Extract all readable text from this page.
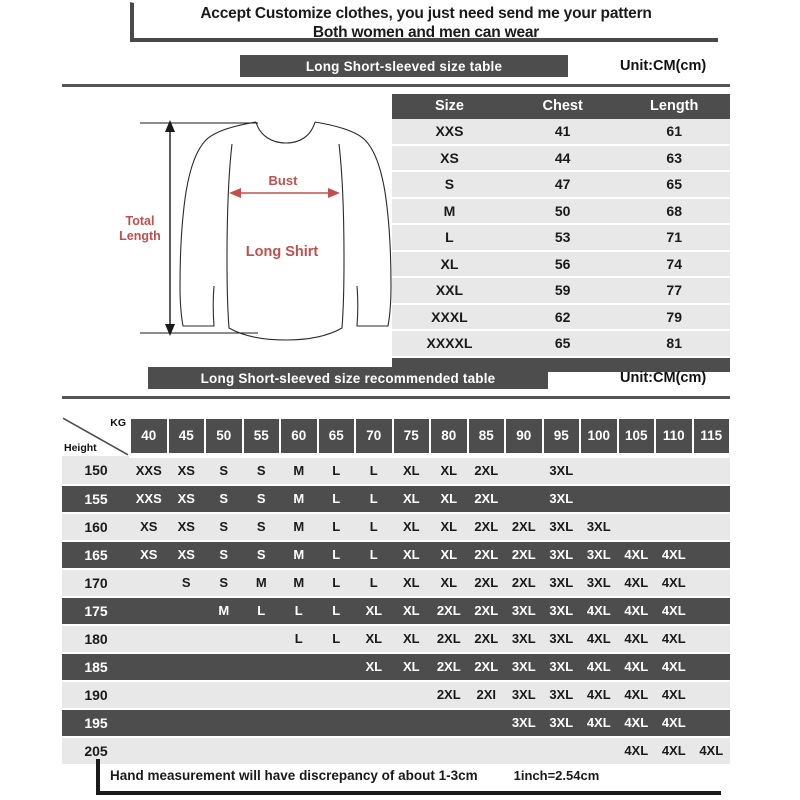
Accept Customize clothes, you just need send me your pattern
Both women and men can wear
Long Short-sleeved size table	Unit:CM(cm)
Total
Length
Bust
Long Shirt
Size	Chest	Length
XXS	41	61
XS	44	63
S	47	65
M	50	68
L	53	71
XL	56	74
XXL	59	77
XXXL	62	79
XXXXL	65	81

Long Short-sleeved size recommended table	Unit:CM(cm)
KG
Height	40	45	50	55	60	65	70	75	80	85	90	95	100	105	110	115
150	XXS	XS	S	S	M	L	L	XL	XL	2XL		3XL				
155	XXS	XS	S	S	M	L	L	XL	XL	2XL		3XL				
160	XS	XS	S	S	M	L	L	XL	XL	2XL	2XL	3XL	3XL			
165	XS	XS	S	S	M	L	L	XL	XL	2XL	2XL	3XL	3XL	4XL	4XL	
170		S	S	M	M	L	L	XL	XL	2XL	2XL	3XL	3XL	4XL	4XL	
175			M	L	L	L	XL	XL	2XL	2XL	3XL	3XL	4XL	4XL	4XL	
180					L	L	XL	XL	2XL	2XL	3XL	3XL	4XL	4XL	4XL	
185							XL	XL	2XL	2XL	3XL	3XL	4XL	4XL	4XL	
190									2XL	2XI	3XL	3XL	4XL	4XL	4XL	
195											3XL	3XL	4XL	4XL	4XL	
205														4XL	4XL	4XL
Hand measurement will have discrepancy of about 1-3cm	1inch=2.54cm
